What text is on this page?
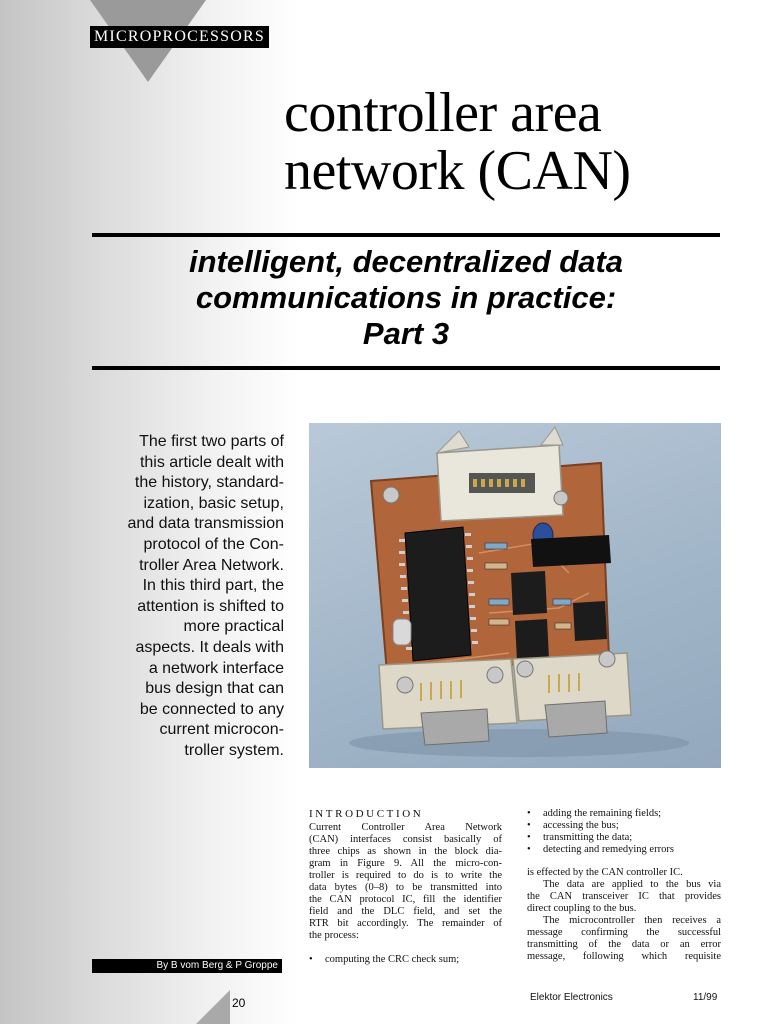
MICROPROCESSORS
controller area
network (CAN)
intelligent, decentralized data
communications in practice:
Part 3
The first two parts of
this article dealt with
the history, standard-
ization, basic setup,
and data transmission
protocol of the Con-
troller Area Network.
In this third part, the
attention is shifted to
more practical
aspects. It deals with
a network interface
bus design that can
be connected to any
current microcon-
troller system.
INTRODUCTION
Current Controller Area Network
(CAN) interfaces consist basically of
three chips as shown in the block dia-
gram in Figure 9. All the micro-con-
troller is required to do is to write the
data bytes (0–8) to be transmitted into
the CAN protocol IC, fill the identifier
field and the DLC field, and set the
RTR bit accordingly. The remainder of
the process:
• computing the CRC check sum;
• adding the remaining fields;
• accessing the bus;
• transmitting the data;
• detecting and remedying errors
is effected by the CAN controller IC.
The data are applied to the bus via
the CAN transceiver IC that provides
direct coupling to the bus.
The microcontroller then receives a
message confirming the successful
transmitting of the data or an error
message, following which requisite
By B vom Berg & P Groppe
20	Elektor Electronics	11/99
